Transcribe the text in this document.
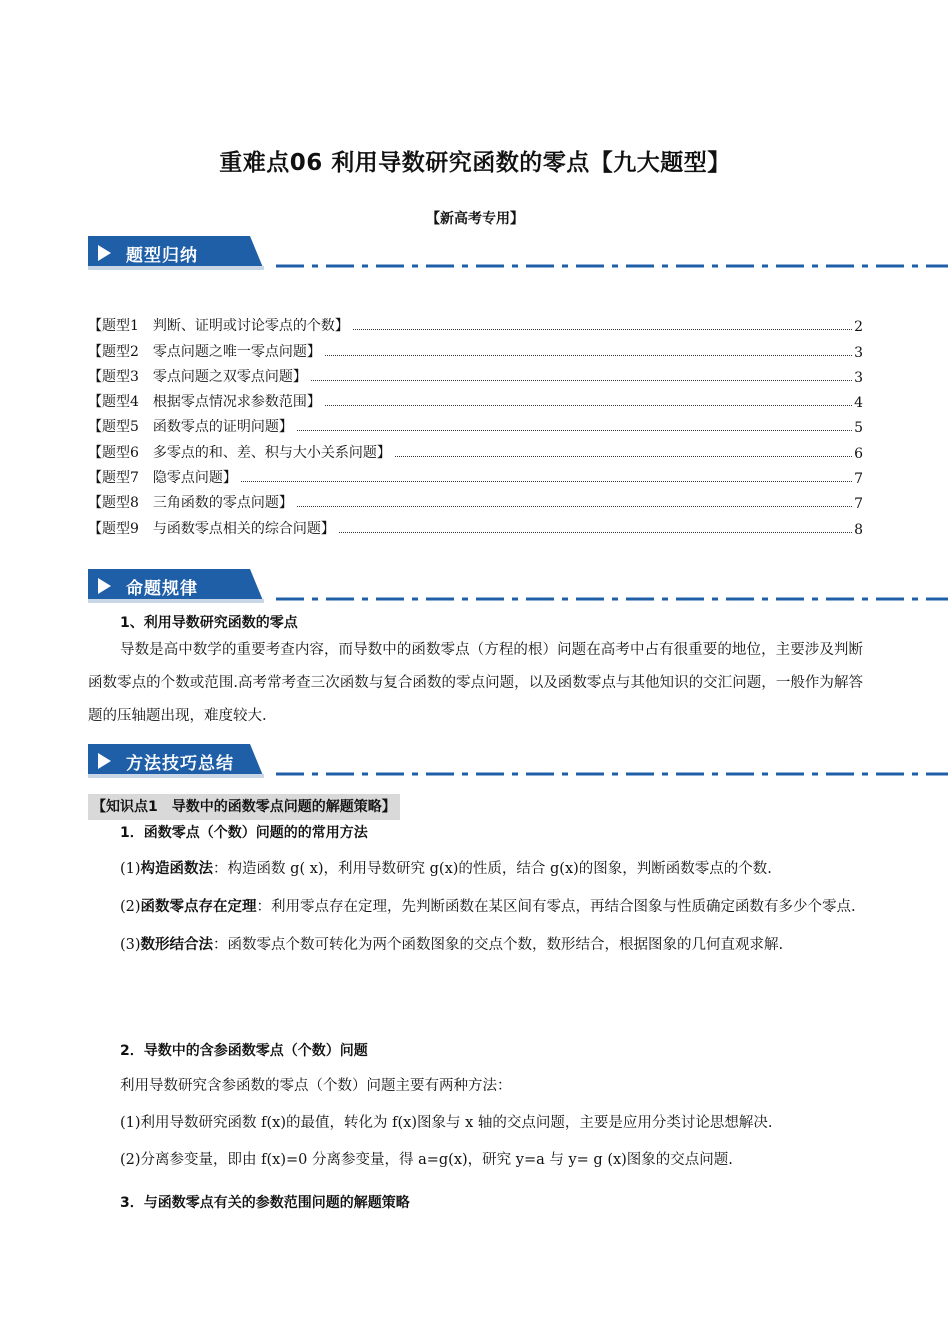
重难点06 利用导数研究函数的零点【九大题型】
【新高考专用】
题型归纳
【题型1　判断、证明或讨论零点的个数】	2
【题型2　零点问题之唯一零点问题】	3
【题型3　零点问题之双零点问题】	3
【题型4　根据零点情况求参数范围】	4
【题型5　函数零点的证明问题】	5
【题型6　多零点的和、差、积与大小关系问题】	6
【题型7　隐零点问题】	7
【题型8　三角函数的零点问题】	7
【题型9　与函数零点相关的综合问题】	8
命题规律
1、利用导数研究函数的零点

导数是高中数学的重要考查内容，而导数中的函数零点（方程的根）问题在高考中占有很重要的地位，主要涉及判断函数零点的个数或范围.高考常考查三次函数与复合函数的零点问题，以及函数零点与其他知识的交汇问题，一般作为解答题的压轴题出现，难度较大.

方法技巧总结
【知识点1　导数中的函数零点问题的解题策略】
1．函数零点（个数）问题的的常用方法

(1)构造函数法：构造函数 g( x)，利用导数研究 g(x)的性质，结合 g(x)的图象，判断函数零点的个数.

(2)函数零点存在定理：利用零点存在定理，先判断函数在某区间有零点，再结合图象与性质确定函数有多少个零点.

(3)数形结合法：函数零点个数可转化为两个函数图象的交点个数，数形结合，根据图象的几何直观求解.

2．导数中的含参函数零点（个数）问题

利用导数研究含参函数的零点（个数）问题主要有两种方法：

(1)利用导数研究函数 f(x)的最值，转化为 f(x)图象与 x 轴的交点问题，主要是应用分类讨论思想解决.

(2)分离参变量，即由 f(x)=0 分离参变量，得 a=g(x)，研究 y=a 与 y= g (x)图象的交点问题.

3．与函数零点有关的参数范围问题的解题策略
